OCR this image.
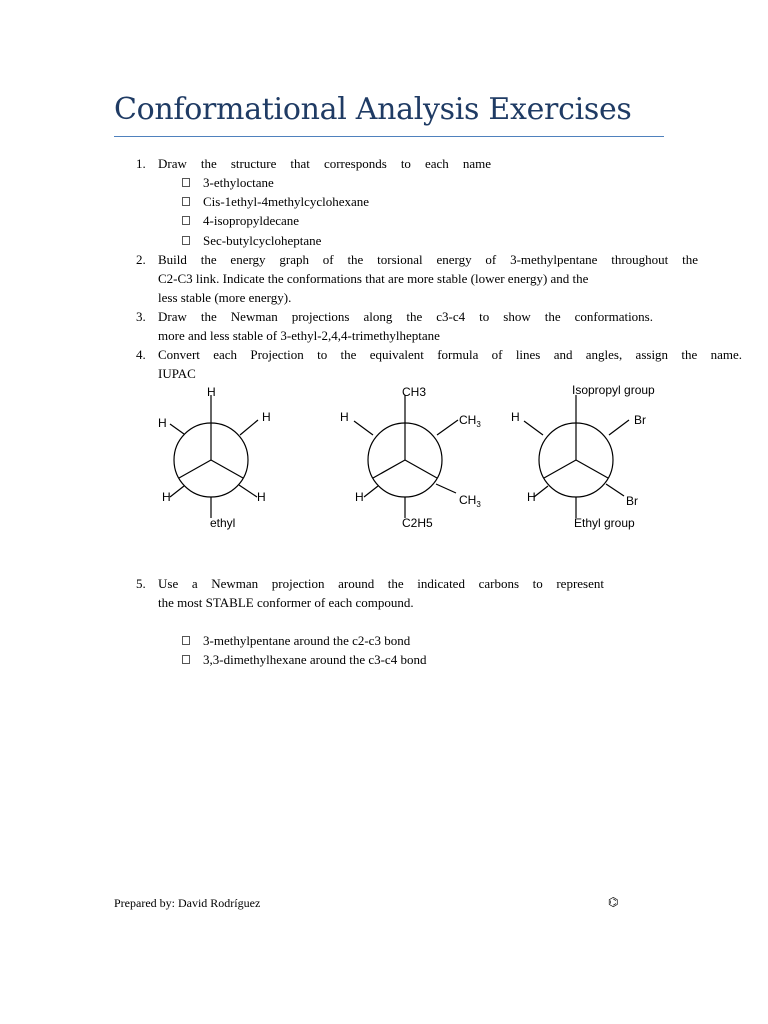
Conformational Analysis Exercises
1. Draw the structure that corresponds to each name
3-ethyloctane
Cis-1ethyl-4methylcyclohexane
4-isopropyldecane
Sec-butylcycloheptane
2. Build the energy graph of the torsional energy of 3-methylpentane throughout the
C2-C3 link. Indicate the conformations that are more stable (lower energy) and the
less stable (more energy).
3. Draw the Newman projections along the c3-c4 to show the conformations.
more and less stable of 3-ethyl-2,4,4-trimethylheptane
4. Convert each Projection to the equivalent formula of lines and angles, assign the name.
IUPAC
H
H	H
H	H
ethyl
CH3
H	$CH_3$
H	$CH_3$
C2H5
Isopropyl group
H	Br
H	Br
Ethyl group
5. Use a Newman projection around the indicated carbons to represent
the most STABLE conformer of each compound.
3-methylpentane around the c2-c3 bond
3,3-dimethylhexane around the c3-c4 bond
Prepared by: David Rodríguez	⌬
